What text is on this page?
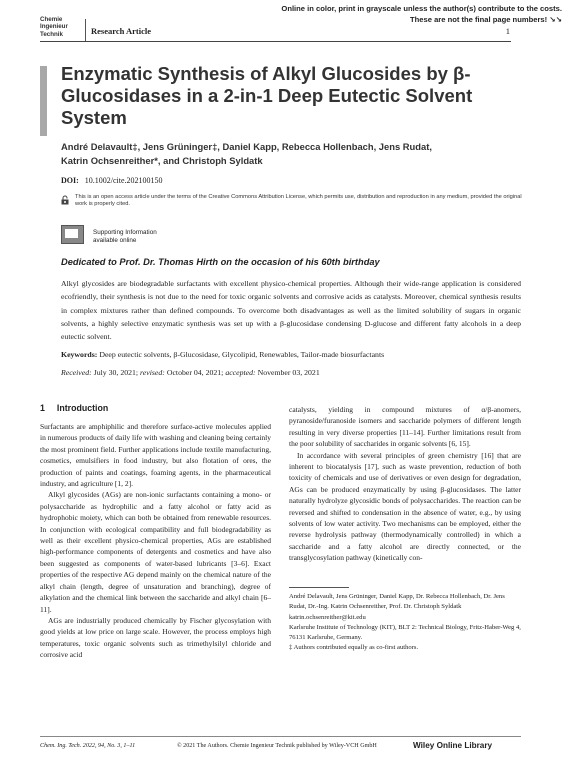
Online in color, print in grayscale unless the author(s) contribute to the costs.
These are not the final page numbers! ↘↘
Chemie
Ingenieur
Technik	Research Article	1
Enzymatic Synthesis of Alkyl Glucosides by β-Glucosidases in a 2-in-1 Deep Eutectic Solvent System
André Delavault‡, Jens Grüninger‡, Daniel Kapp, Rebecca Hollenbach, Jens Rudat,
Katrin Ochsenreither*, and Christoph Syldatk
DOI: 10.1002/cite.202100150
This is an open access article under the terms of the Creative Commons Attribution License, which permits use, distribution and reproduction in any medium, provided the original work is properly cited.
Supporting Information
available online
Dedicated to Prof. Dr. Thomas Hirth on the occasion of his 60th birthday
Alkyl glycosides are biodegradable surfactants with excellent physico-chemical properties. Although their wide-range application is considered ecofriendly, their synthesis is not due to the need for toxic organic solvents and corrosive acids as catalysts. Moreover, chemical synthesis results in complex mixtures rather than defined compounds. To overcome both disadvantages as well as the limited solubility of sugars in organic solvents, a highly selective enzymatic synthesis was set up with a β-glucosidase condensing D-glucose and different fatty alcohols in a deep eutectic solvent.
Keywords: Deep eutectic solvents, β-Glucosidase, Glycolipid, Renewables, Tailor-made biosurfactants
Received: July 30, 2021; revised: October 04, 2021; accepted: November 03, 2021
1 Introduction

Surfactants are amphiphilic and therefore surface-active molecules applied in numerous products of daily life with washing and cleaning being certainly the most prominent field. Further applications include textile manufacturing, cosmetics, emulsifiers in food industry, but also flotation of ores, the production of paints and coatings, foaming agents, in the pharmaceutical industry, and agriculture [1, 2].

Alkyl glycosides (AGs) are non-ionic surfactants containing a mono- or polysaccharide as hydrophilic and a fatty alcohol or fatty acid as hydrophobic moiety, which can both be obtained from renewable resources. In conjunction with ecological compatibility and full biodegradability as well as their excellent physico-chemical properties, AGs are established high-performance components of detergents and cosmetics and have also been suggested as components of water-based lubricants [3–6]. Exact properties of the respective AG depend mainly on the chemical nature of the alkyl chain (length, degree of unsaturation and branching), degree of alkylation and the chemical link between the saccharide and alkyl chain [6–11].

AGs are industrially produced chemically by Fischer glycosylation with good yields at low price on large scale. However, the process employs high temperatures, toxic organic solvents such as trimethylsilyl chloride and corrosive acid

catalysts, yielding in compound mixtures of α/β-anomers, pyranoside/furanoside isomers and saccharide polymers of different length resulting in very diverse properties [11–14]. Further limitations result from the poor solubility of saccharides in organic solvents [6, 15].

In accordance with several principles of green chemistry [16] that are inherent to biocatalysis [17], such as waste prevention, reduction of both toxicity of chemicals and use of derivatives or even design for degradation, AGs can be produced enzymatically by using β-glucosidases. The latter naturally hydrolyze glycosidic bonds of polysaccharides. The reaction can be reversed and shifted to condensation in the absence of water, e.g., by using solvents of low water activity. Two mechanisms can be employed, either the reverse hydrolysis pathway (thermodynamically controlled) in which a saccharide and a fatty alcohol are directly connected, or the transglycosylation pathway (kinetically con-

André Delavault, Jens Grüninger, Daniel Kapp, Dr. Rebecca Hollenbach, Dr. Jens Rudat, Dr.-Ing. Katrin Ochsenreither, Prof. Dr. Christoph Syldatk
katrin.ochsenreither@kit.edu
Karlsruhe Institute of Technology (KIT), BLT 2: Technical Biology, Fritz-Haber-Weg 4, 76131 Karlsruhe, Germany.
‡ Authors contributed equally as co-first authors.
Chem. Ing. Tech. 2022, 94, No. 3, 1–11	© 2021 The Authors. Chemie Ingenieur Technik published by Wiley-VCH GmbH	Wiley Online Library
